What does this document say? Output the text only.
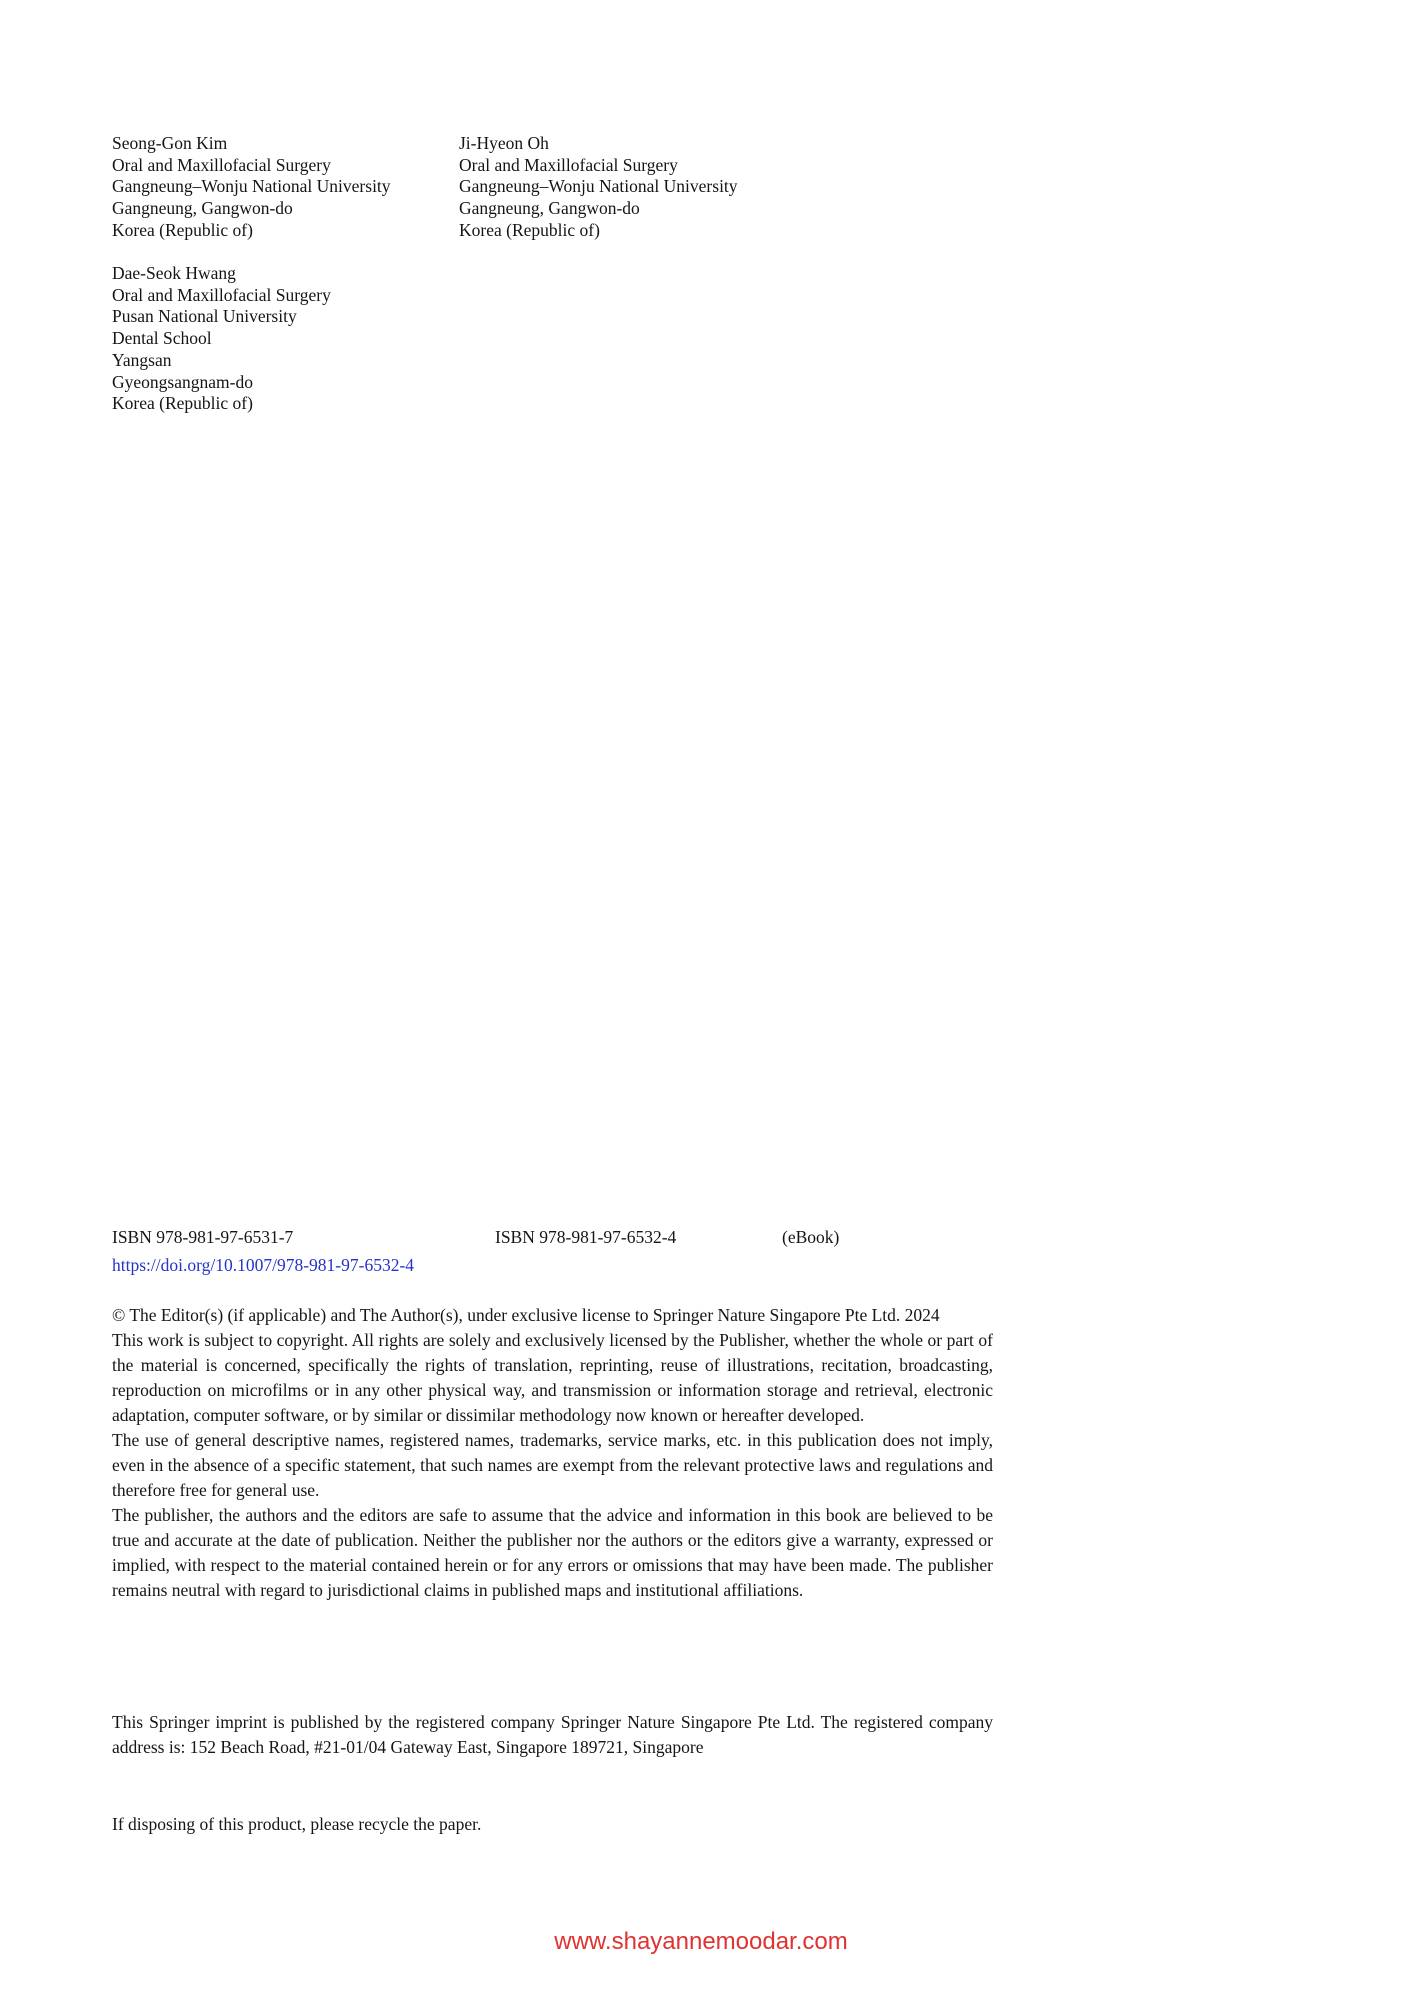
Seong-Gon Kim
Oral and Maxillofacial Surgery
Gangneung–Wonju National University
Gangneung, Gangwon-do
Korea (Republic of)
Ji-Hyeon Oh
Oral and Maxillofacial Surgery
Gangneung–Wonju National University
Gangneung, Gangwon-do
Korea (Republic of)
Dae-Seok Hwang
Oral and Maxillofacial Surgery
Pusan National University
Dental School
Yangsan
Gyeongsangnam-do
Korea (Republic of)
ISBN 978-981-97-6531-7	ISBN 978-981-97-6532-4	(eBook)
https://doi.org/10.1007/978-981-97-6532-4

© The Editor(s) (if applicable) and The Author(s), under exclusive license to Springer Nature Singapore Pte Ltd. 2024

This work is subject to copyright. All rights are solely and exclusively licensed by the Publisher, whether the whole or part of the material is concerned, specifically the rights of translation, reprinting, reuse of illustrations, recitation, broadcasting, reproduction on microfilms or in any other physical way, and transmission or information storage and retrieval, electronic adaptation, computer software, or by similar or dissimilar methodology now known or hereafter developed.

The use of general descriptive names, registered names, trademarks, service marks, etc. in this publication does not imply, even in the absence of a specific statement, that such names are exempt from the relevant protective laws and regulations and therefore free for general use.

The publisher, the authors and the editors are safe to assume that the advice and information in this book are believed to be true and accurate at the date of publication. Neither the publisher nor the authors or the editors give a warranty, expressed or implied, with respect to the material contained herein or for any errors or omissions that may have been made. The publisher remains neutral with regard to jurisdictional claims in published maps and institutional affiliations.

This Springer imprint is published by the registered company Springer Nature Singapore Pte Ltd. The registered company address is: 152 Beach Road, #21-01/04 Gateway East, Singapore 189721, Singapore
If disposing of this product, please recycle the paper.
www.shayannemoodar.com
